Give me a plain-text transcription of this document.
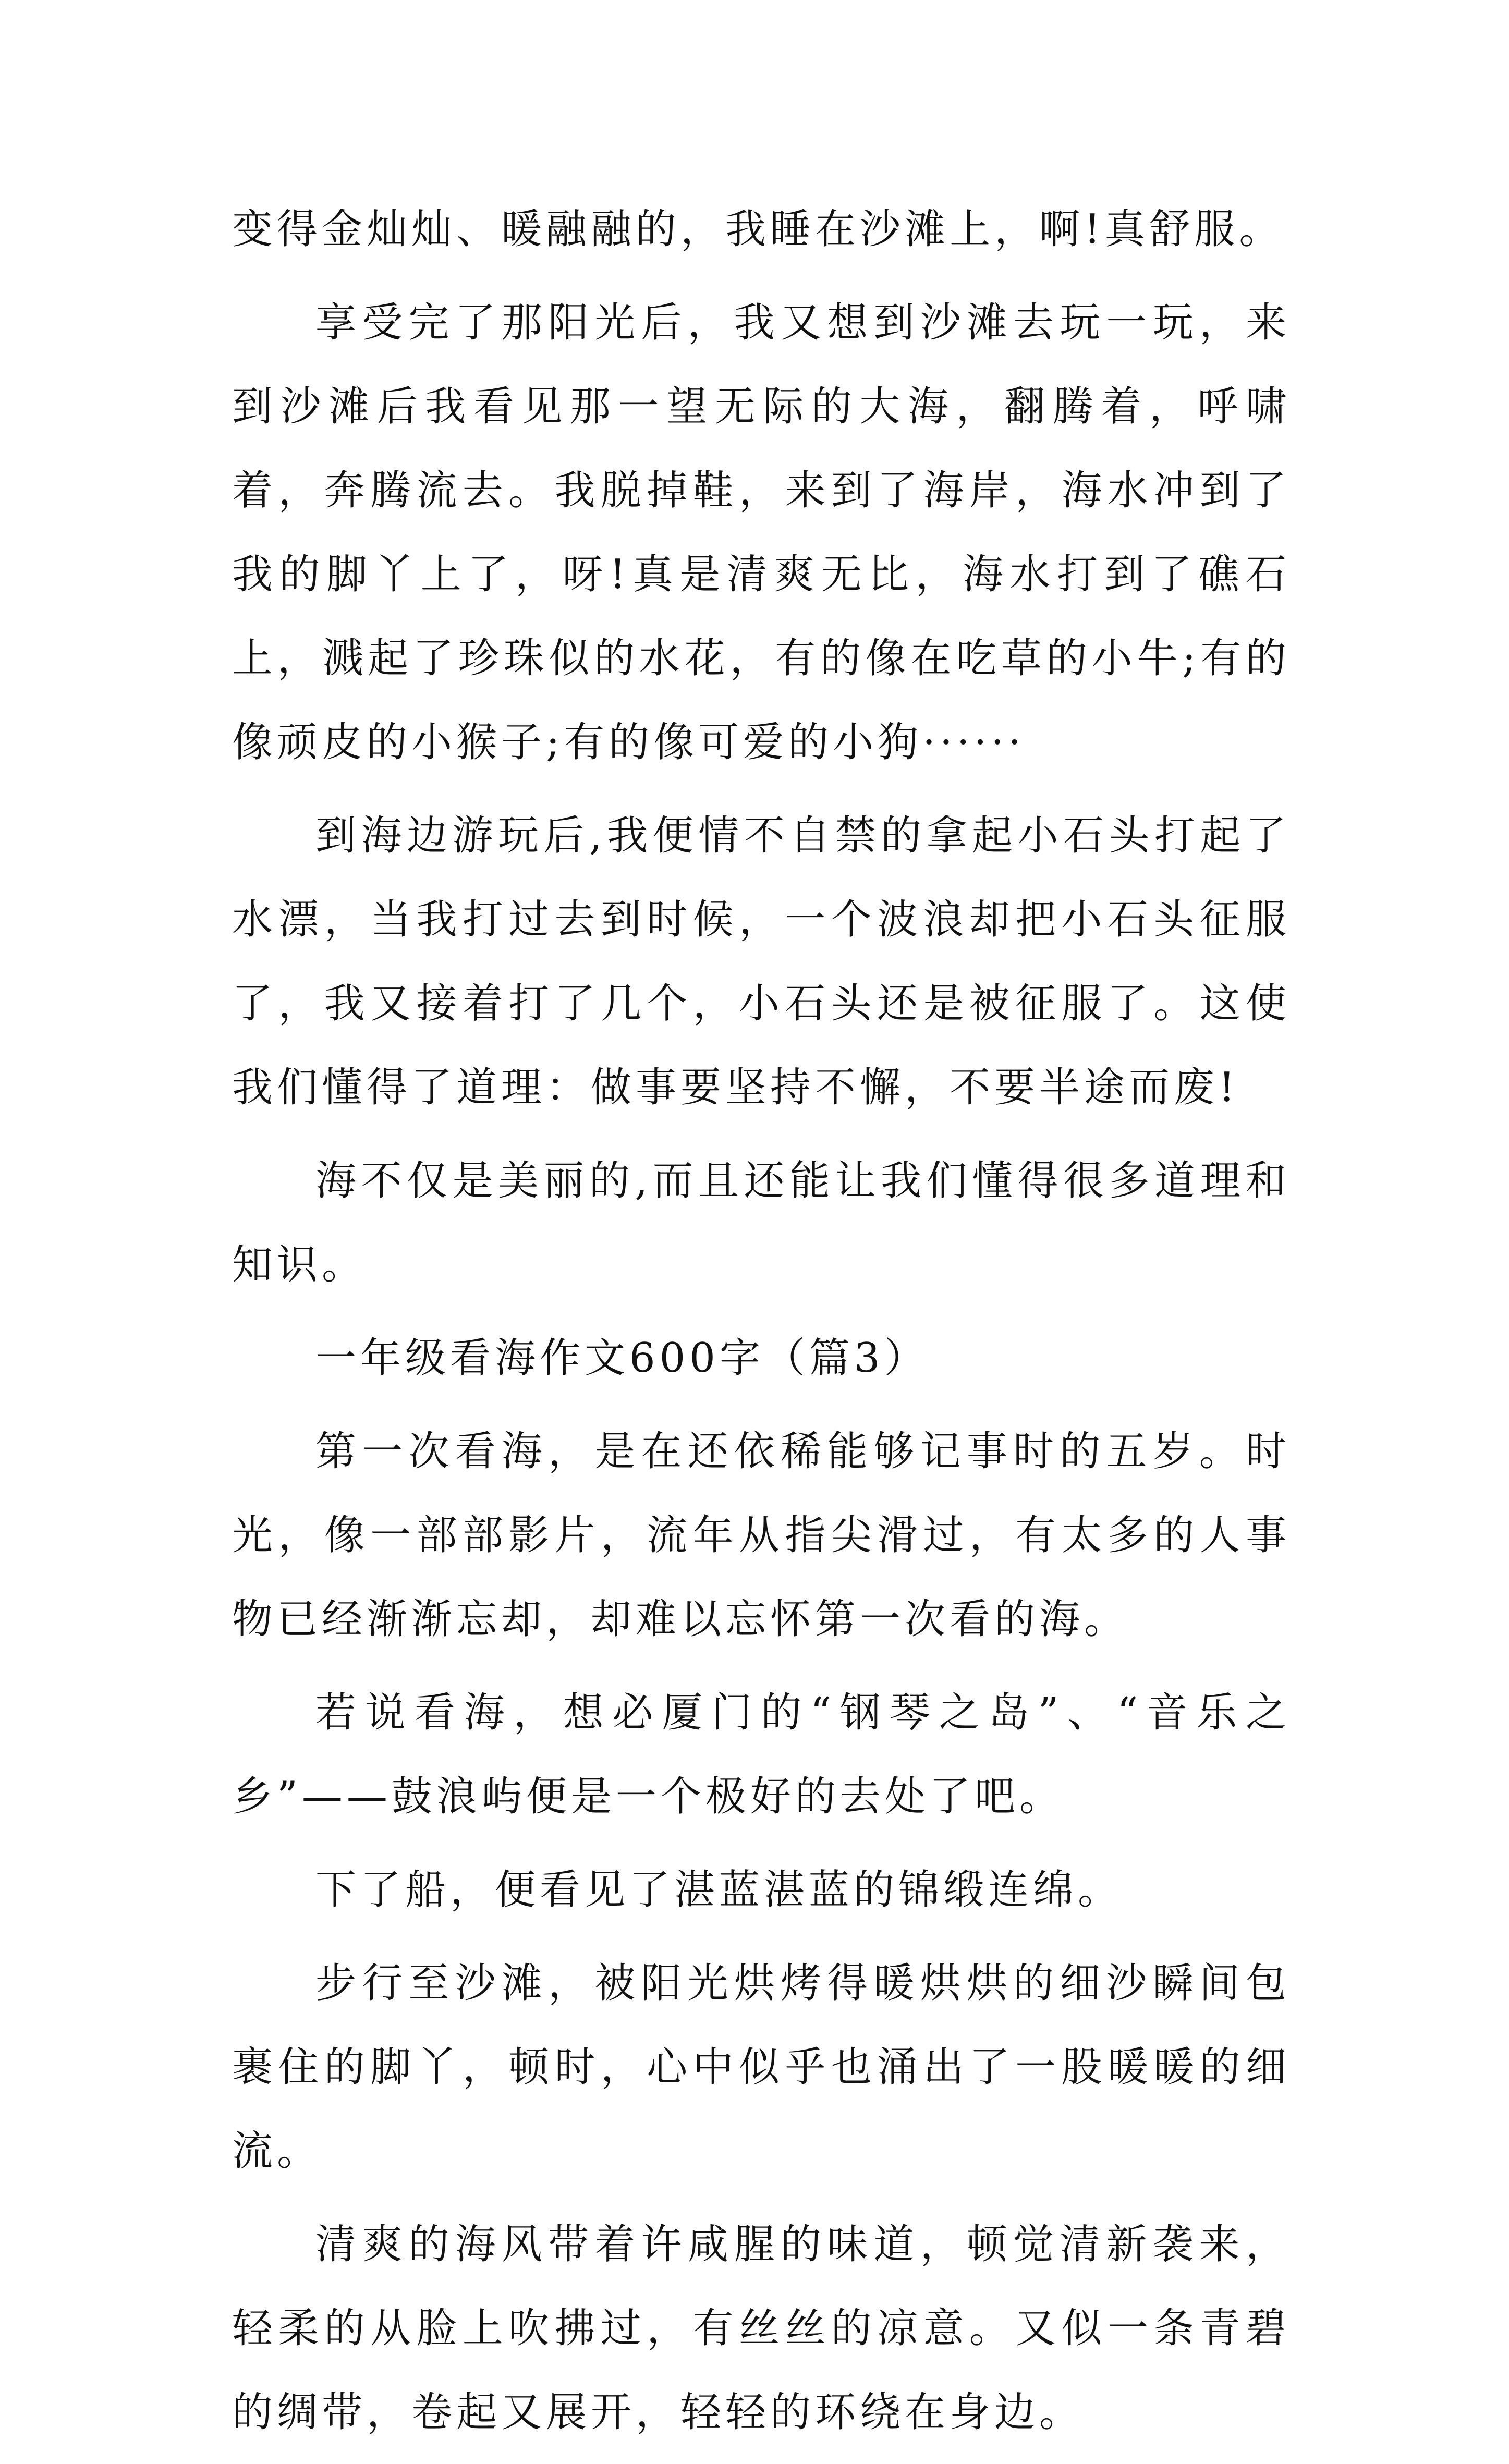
变得金灿灿、暖融融的，我睡在沙滩上，啊!真舒服。

享受完了那阳光后，我又想到沙滩去玩一玩，来到沙滩后我看见那一望无际的大海，翻腾着，呼啸着，奔腾流去。我脱掉鞋，来到了海岸，海水冲到了我的脚丫上了，呀!真是清爽无比，海水打到了礁石上，溅起了珍珠似的水花，有的像在吃草的小牛;有的像顽皮的小猴子;有的像可爱的小狗······

到海边游玩后,我便情不自禁的拿起小石头打起了水漂，当我打过去到时候，一个波浪却把小石头征服了，我又接着打了几个，小石头还是被征服了。这使我们懂得了道理：做事要坚持不懈，不要半途而废!

海不仅是美丽的,而且还能让我们懂得很多道理和知识。

一年级看海作文600字（篇3）

第一次看海，是在还依稀能够记事时的五岁。时光，像一部部影片，流年从指尖滑过，有太多的人事物已经渐渐忘却，却难以忘怀第一次看的海。

若说看海，想必厦门的“钢琴之岛”、“音乐之乡”——鼓浪屿便是一个极好的去处了吧。

下了船，便看见了湛蓝湛蓝的锦缎连绵。

步行至沙滩，被阳光烘烤得暖烘烘的细沙瞬间包裹住的脚丫，顿时，心中似乎也涌出了一股暖暖的细流。

清爽的海风带着许咸腥的味道，顿觉清新袭来，轻柔的从脸上吹拂过，有丝丝的凉意。又似一条青碧的绸带，卷起又展开，轻轻的环绕在身边。
